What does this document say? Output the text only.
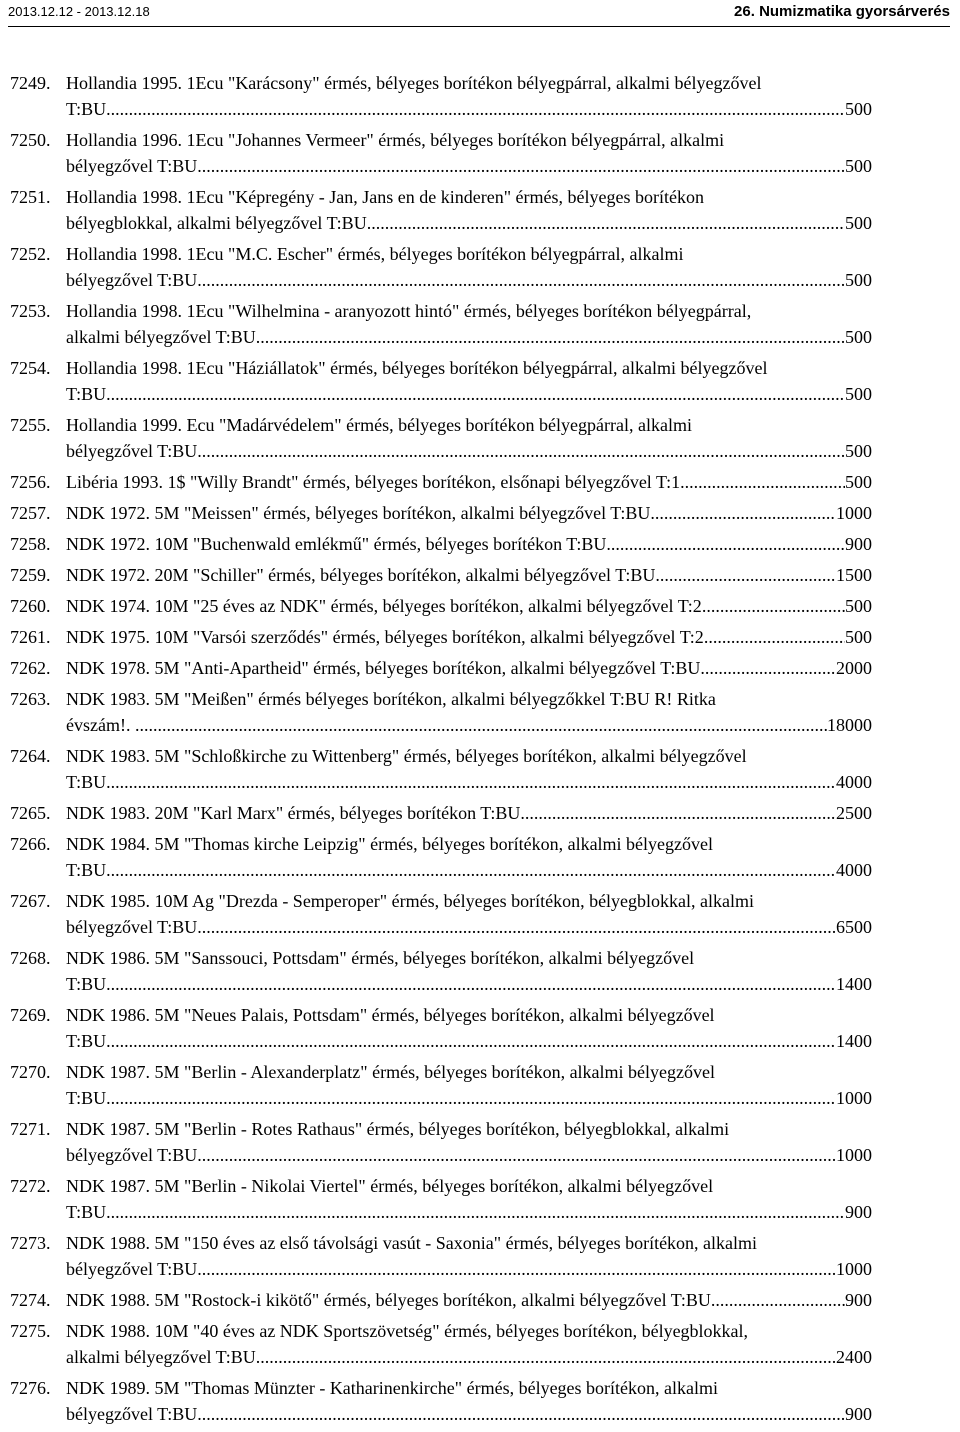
2013.12.12 - 2013.12.18	26. Numizmatika gyorsárverés
7249. Hollandia 1995. 1Ecu "Karácsony" érmés, bélyeges borítékon bélyegpárral, alkalmi bélyegzővel
T:BU .....	500
7250. Hollandia 1996. 1Ecu "Johannes Vermeer" érmés, bélyeges borítékon bélyegpárral, alkalmi
bélyegzővel T:BU .....	500
7251. Hollandia 1998. 1Ecu "Képregény - Jan, Jans en de kinderen" érmés, bélyeges borítékon
bélyegblokkal, alkalmi bélyegzővel T:BU .....	500
7252. Hollandia 1998. 1Ecu "M.C. Escher" érmés, bélyeges borítékon bélyegpárral, alkalmi
bélyegzővel T:BU .....	500
7253. Hollandia 1998. 1Ecu "Wilhelmina - aranyozott hintó" érmés, bélyeges borítékon bélyegpárral,
alkalmi bélyegzővel T:BU .....	500
7254. Hollandia 1998. 1Ecu "Háziállatok" érmés, bélyeges borítékon bélyegpárral, alkalmi bélyegzővel
T:BU .....	500
7255. Hollandia 1999. Ecu "Madárvédelem" érmés, bélyeges borítékon bélyegpárral, alkalmi
bélyegzővel T:BU .....	500
7256. Libéria 1993. 1$ "Willy Brandt" érmés, bélyeges borítékon, elsőnapi bélyegzővel T:1 .....	500
7257. NDK 1972. 5M "Meissen" érmés, bélyeges borítékon, alkalmi bélyegzővel T:BU .....	1000
7258. NDK 1972. 10M "Buchenwald emlékmű" érmés, bélyeges borítékon T:BU .....	900
7259. NDK 1972. 20M "Schiller" érmés, bélyeges borítékon, alkalmi bélyegzővel T:BU .....	1500
7260. NDK 1974. 10M "25 éves az NDK" érmés, bélyeges borítékon, alkalmi bélyegzővel T:2 .....	500
7261. NDK 1975. 10M "Varsói szerződés" érmés, bélyeges borítékon, alkalmi bélyegzővel T:2 .....	500
7262. NDK 1978. 5M "Anti-Apartheid" érmés, bélyeges borítékon, alkalmi bélyegzővel T:BU .....	2000
7263. NDK 1983. 5M "Meißen" érmés bélyeges borítékon, alkalmi bélyegzőkkel T:BU R! Ritka
évszám!. . .....	18000
7264. NDK 1983. 5M "Schloßkirche zu Wittenberg" érmés, bélyeges borítékon, alkalmi bélyegzővel
T:BU .....	4000
7265. NDK 1983. 20M "Karl Marx" érmés, bélyeges borítékon T:BU .....	2500
7266. NDK 1984. 5M "Thomas kirche Leipzig" érmés, bélyeges borítékon, alkalmi bélyegzővel
T:BU.... .....	4000
7267. NDK 1985. 10M Ag "Drezda - Semperoper" érmés, bélyeges borítékon, bélyegblokkal, alkalmi
bélyegzővel T:BU .....	6500
7268. NDK 1986. 5M "Sanssouci, Pottsdam" érmés, bélyeges borítékon, alkalmi bélyegzővel
T:BU....... .....	1400
7269. NDK 1986. 5M "Neues Palais, Pottsdam" érmés, bélyeges borítékon, alkalmi bélyegzővel
T:BU.... .....	1400
7270. NDK 1987. 5M "Berlin - Alexanderplatz" érmés, bélyeges borítékon, alkalmi bélyegzővel
T:BU.. .....	1000
7271. NDK 1987. 5M "Berlin - Rotes Rathaus" érmés, bélyeges borítékon, bélyegblokkal, alkalmi
bélyegzővel T:BU .....	1000
7272. NDK 1987. 5M "Berlin - Nikolai Viertel" érmés, bélyeges borítékon, alkalmi bélyegzővel
T:BU.. .....	900
7273. NDK 1988. 5M "150 éves az első távolsági vasút - Saxonia" érmés, bélyeges borítékon, alkalmi
bélyegzővel T:BU .....	1000
7274. NDK 1988. 5M "Rostock-i kikötő" érmés, bélyeges borítékon, alkalmi bélyegzővel T:BU .....	900
7275. NDK 1988. 10M "40 éves az NDK Sportszövetség" érmés, bélyeges borítékon, bélyegblokkal,
alkalmi bélyegzővel T:BU .....	2400
7276. NDK 1989. 5M "Thomas Münzter - Katharinenkirche" érmés, bélyeges borítékon, alkalmi
bélyegzővel T:BU .....	900
